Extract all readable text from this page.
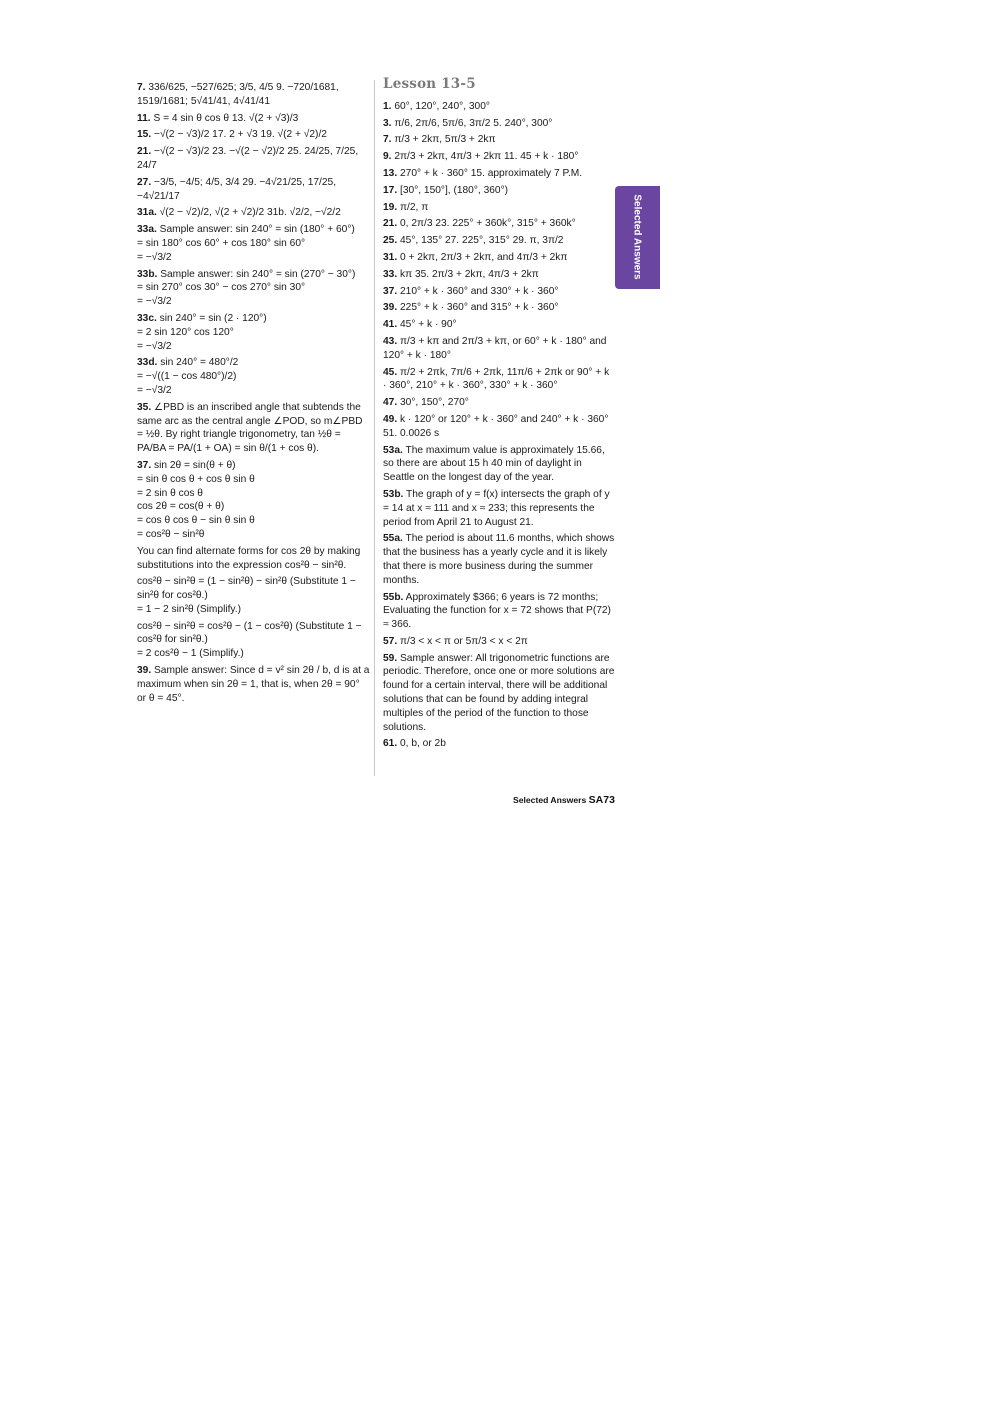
7. 336/625, −527/625; 3/5, 4/5 9. −720/1681, 1519/1681; 5√41/41, 4√41/41
11. S = 4 sin θ cos θ 13. √(2 + √3)/3
15. −√(2 − √3)/2 17. 2 + √3 19. √(2 + √2)/2
21. −√(2 − √3)/2 23. −√(2 − √2)/2 25. 24/25, 7/25, 24/7
27. −3/5, −4/5; 4/5, 3/4 29. −4√21/25, 17/25, −4√21/17
31a. √(2 − √2)/2, √(2 + √2)/2 31b. √2/2, −√2/2
33a. Sample answer: sin 240° = sin (180° + 60°)
= sin 180° cos 60° + cos 180° sin 60°
= −√3/2
33b. Sample answer: sin 240° = sin (270° − 30°)
= sin 270° cos 30° − cos 270° sin 30°
= −√3/2
33c. sin 240° = sin (2 · 120°)
= 2 sin 120° cos 120°
= −√3/2
33d. sin 240° = 480°/2
= −√((1 − cos 480°)/2)
= −√3/2
35. ∠PBD is an inscribed angle that subtends the same arc as the central angle ∠POD, so m∠PBD = ½θ. By right triangle trigonometry, tan ½θ = PA/BA = PA/(1 + OA) = sin θ/(1 + cos θ).
37. sin 2θ = sin(θ + θ)
= sin θ cos θ + cos θ sin θ
= 2 sin θ cos θ
cos 2θ = cos(θ + θ)
= cos θ cos θ − sin θ sin θ
= cos²θ − sin²θ
You can find alternate forms for cos 2θ by making substitutions into the expression cos²θ − sin²θ.
cos²θ − sin²θ = (1 − sin²θ) − sin²θ (Substitute 1 − sin²θ for cos²θ.)
= 1 − 2 sin²θ (Simplify.)
cos²θ − sin²θ = cos²θ − (1 − cos²θ) (Substitute 1 − cos²θ for sin²θ.)
= 2 cos²θ − 1 (Simplify.)
39. Sample answer: Since d = v² sin 2θ / b, d is at a maximum when sin 2θ = 1, that is, when 2θ = 90° or θ = 45°.
Lesson 13-5
1. 60°, 120°, 240°, 300°
3. π/6, 2π/6, 5π/6, 3π/2 5. 240°, 300°
7. π/3 + 2kπ, 5π/3 + 2kπ
9. 2π/3 + 2kπ, 4π/3 + 2kπ 11. 45 + k · 180°
13. 270° + k · 360° 15. approximately 7 P.M.
17. [30°, 150°], (180°, 360°)
19. π/2, π
21. 0, 2π/3 23. 225° + 360k°, 315° + 360k°
25. 45°, 135° 27. 225°, 315° 29. π, 3π/2
31. 0 + 2kπ, 2π/3 + 2kπ, and 4π/3 + 2kπ
33. kπ 35. 2π/3 + 2kπ, 4π/3 + 2kπ
37. 210° + k · 360° and 330° + k · 360°
39. 225° + k · 360° and 315° + k · 360°
41. 45° + k · 90°
43. π/3 + kπ and 2π/3 + kπ, or 60° + k · 180° and 120° + k · 180°
45. π/2 + 2πk, 7π/6 + 2πk, 11π/6 + 2πk or 90° + k · 360°, 210° + k · 360°, 330° + k · 360°
47. 30°, 150°, 270°
49. k · 120° or 120° + k · 360° and 240° + k · 360° 51. 0.0026 s
53a. The maximum value is approximately 15.66, so there are about 15 h 40 min of daylight in Seattle on the longest day of the year.
53b. The graph of y = f(x) intersects the graph of y = 14 at x ≈ 111 and x ≈ 233; this represents the period from April 21 to August 21.
55a. The period is about 11.6 months, which shows that the business has a yearly cycle and it is likely that there is more business during the summer months.
55b. Approximately $366; 6 years is 72 months; Evaluating the function for x = 72 shows that P(72) ≈ 366.
57. π/3 < x < π or 5π/3 < x < 2π
59. Sample answer: All trigonometric functions are periodic. Therefore, once one or more solutions are found for a certain interval, there will be additional solutions that can be found by adding integral multiples of the period of the function to those solutions.
61. 0, b, or 2b
Selected Answers
Selected Answers SA73
